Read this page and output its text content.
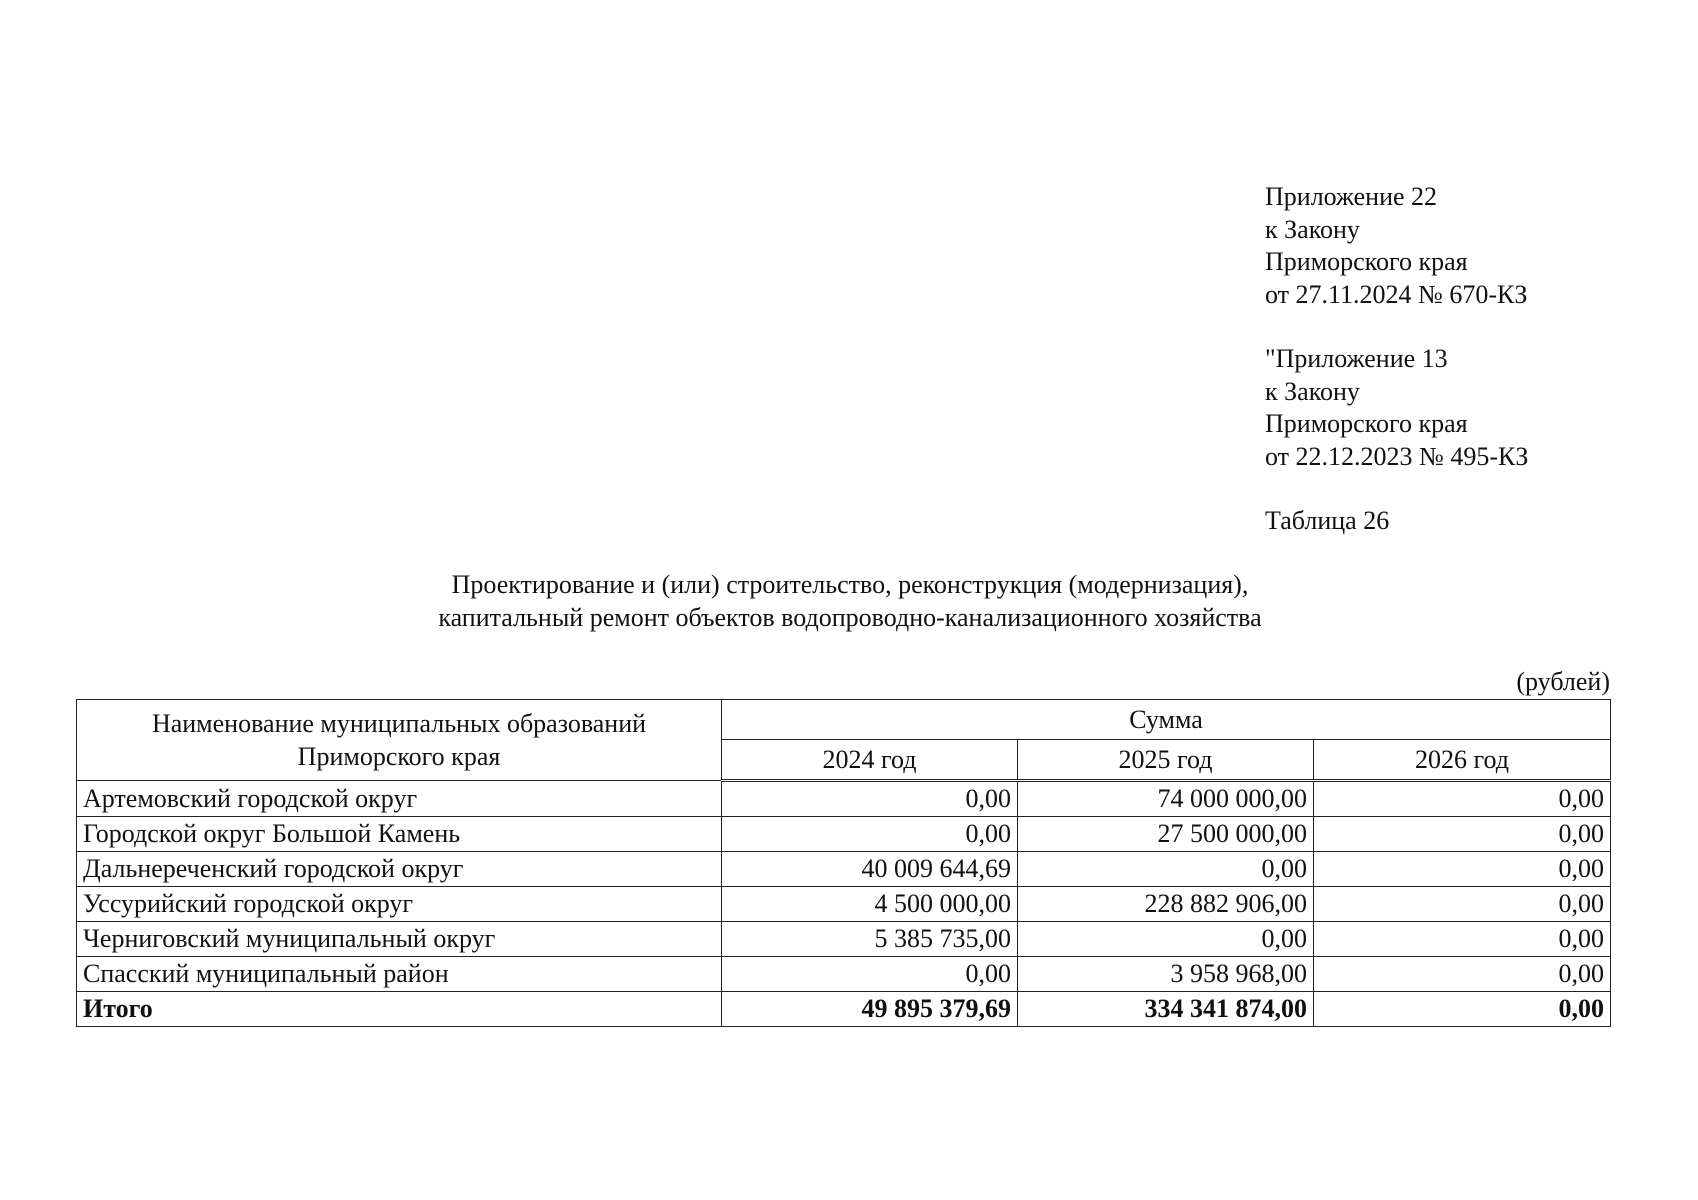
Приложение 22
к Закону
Приморского края
от 27.11.2024 № 670-КЗ
"Приложение 13
к Закону
Приморского края
от 22.12.2023 № 495-КЗ
Таблица 26
Проектирование и (или) строительство, реконструкция (модернизация),
капитальный ремонт объектов водопроводно-канализационного хозяйства
(рублей)
Наименование муниципальных образований
Приморского края	Сумма		
	2024 год	2025 год	2026 год
Артемовский городской округ	0,00	74 000 000,00	0,00
Городской округ Большой Камень	0,00	27 500 000,00	0,00
Дальнереченский городской округ	40 009 644,69	0,00	0,00
Уссурийский городской округ	4 500 000,00	228 882 906,00	0,00
Черниговский муниципальный округ	5 385 735,00	0,00	0,00
Спасский муниципальный район	0,00	3 958 968,00	0,00
Итого	49 895 379,69	334 341 874,00	0,00
